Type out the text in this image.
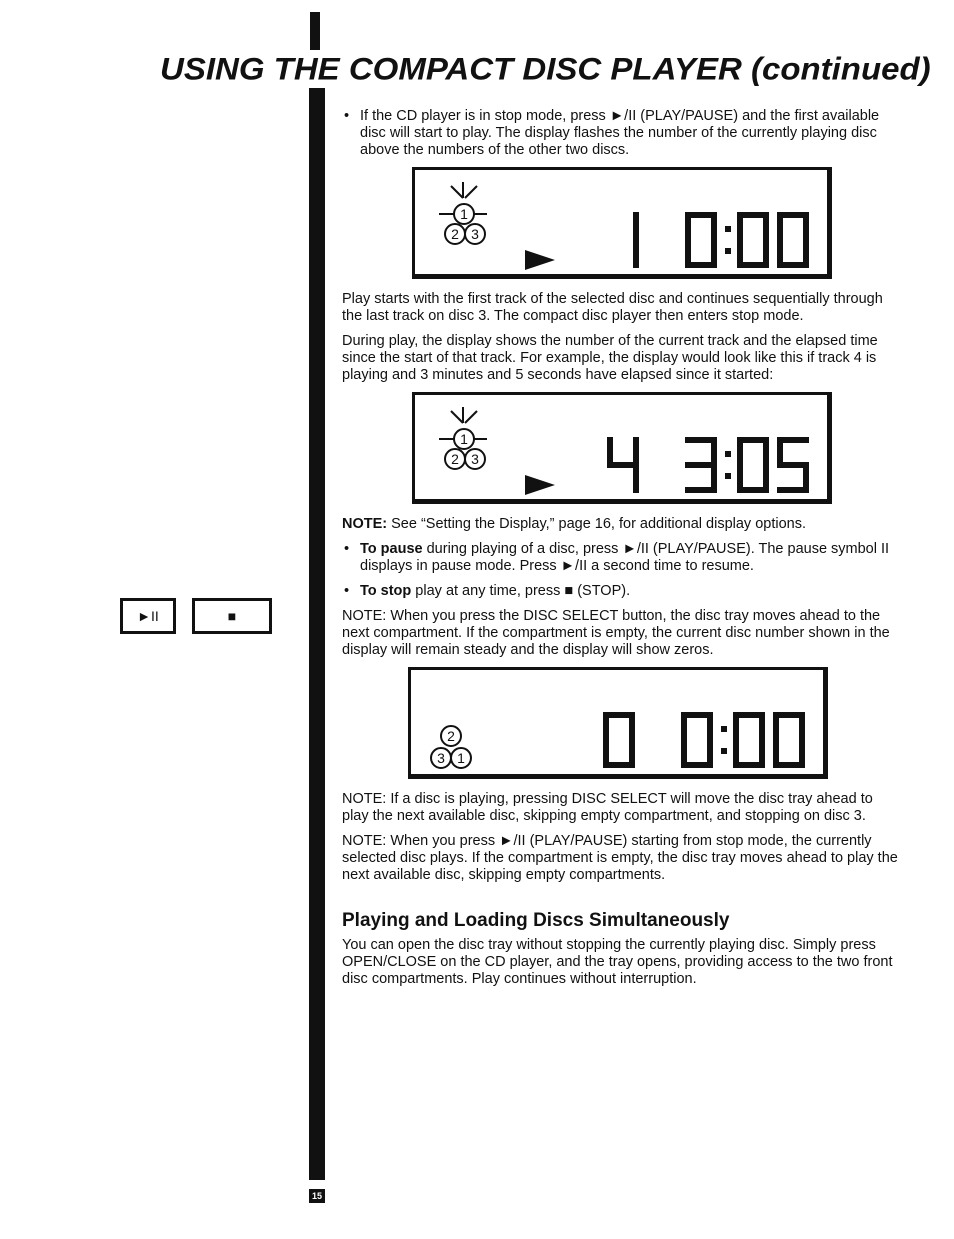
USING THE COMPACT DISC PLAYER (continued)
►II	■
• If the CD player is in stop mode, press ►/II (PLAY/PAUSE) and the first available disc will start to play. The display flashes the number of the currently playing disc above the numbers of the other two discs.
1
2 3

Play starts with the first track of the selected disc and continues sequentially through the last track on disc 3. The compact disc player then enters stop mode.

During play, the display shows the number of the current track and the elapsed time since the start of that track. For example, the display would look like this if track 4 is playing and 3 minutes and 5 seconds have elapsed since it started:

1
2 3

NOTE: See “Setting the Display,” page 16, for additional display options.

• To pause during playing of a disc, press ►/II (PLAY/PAUSE). The pause symbol II displays in pause mode. Press ►/II a second time to resume.
• To stop play at any time, press ■ (STOP).

NOTE: When you press the DISC SELECT button, the disc tray moves ahead to the next compartment. If the compartment is empty, the current disc number shown in the display will remain steady and the display will show zeros.

2
3 1

NOTE: If a disc is playing, pressing DISC SELECT will move the disc tray ahead to play the next available disc, skipping empty compartment, and stopping on disc 3.

NOTE: When you press ►/II (PLAY/PAUSE) starting from stop mode, the currently selected disc plays. If the compartment is empty, the disc tray moves ahead to play the next available disc, skipping empty compartments.

Playing and Loading Discs Simultaneously

You can open the disc tray without stopping the currently playing disc. Simply press OPEN/CLOSE on the CD player, and the tray opens, providing access to the two front disc compartments. Play continues without interruption.

15
